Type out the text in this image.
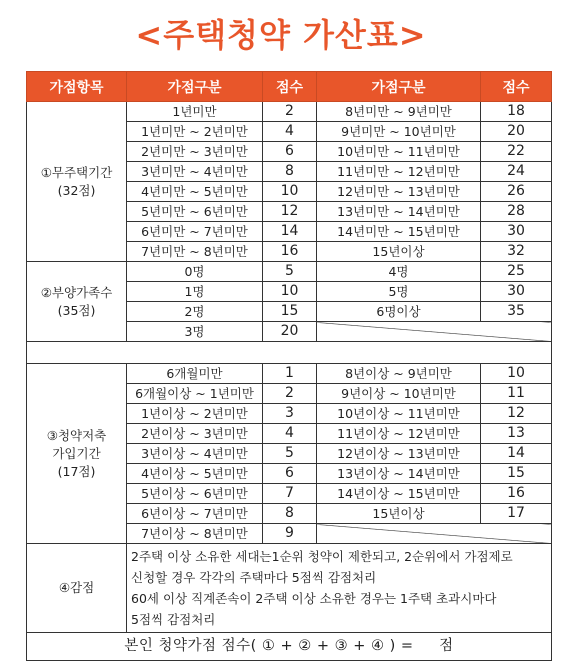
<주택청약 가산표>
가점항목	가점구분	점수	가점구분	점수

①무주택기간
(32점)	1년미만	2	8년미만 ~ 9년미만	18
	1년미만 ~ 2년미만	4	9년미만 ~ 10년미만	20
	2년미만 ~ 3년미만	6	10년미만 ~ 11년미만	22
	3년미만 ~ 4년미만	8	11년미만 ~ 12년미만	24
	4년미만 ~ 5년미만	10	12년미만 ~ 13년미만	26
	5년미만 ~ 6년미만	12	13년미만 ~ 14년미만	28
	6년미만 ~ 7년미만	14	14년미만 ~ 15년미만	30
	7년미만 ~ 8년미만	16	15년이상	32

②부양가족수
(35점)	0명	5	4명	25
	1명	10	5명	30
	2명	15	6명이상	35
	3명	20		

③청약저축
가입기간
(17점)	6개월미만	1	8년이상 ~ 9년미만	10
	6개월이상 ~ 1년미만	2	9년이상 ~ 10년미만	11
	1년이상 ~ 2년미만	3	10년이상 ~ 11년미만	12
	2년이상 ~ 3년미만	4	11년이상 ~ 12년미만	13
	3년이상 ~ 4년미만	5	12년이상 ~ 13년미만	14
	4년이상 ~ 5년미만	6	13년이상 ~ 14년미만	15
	5년이상 ~ 6년미만	7	14년이상 ~ 15년미만	16
	6년이상 ~ 7년미만	8	15년이상	17
	7년이상 ~ 8년미만	9		
④감점	2주택 이상 소유한 세대는1순위 청약이 제한되고, 2순위에서 가점제로
신청할 경우 각각의 주택마다 5점씩 감점처리
60세 이상 직계존속이 2주택 이상 소유한 경우는 1주택 초과시마다
5점씩 감점처리			

본인 청약가점 점수( ① + ② + ③ + ④ ) =     점				
